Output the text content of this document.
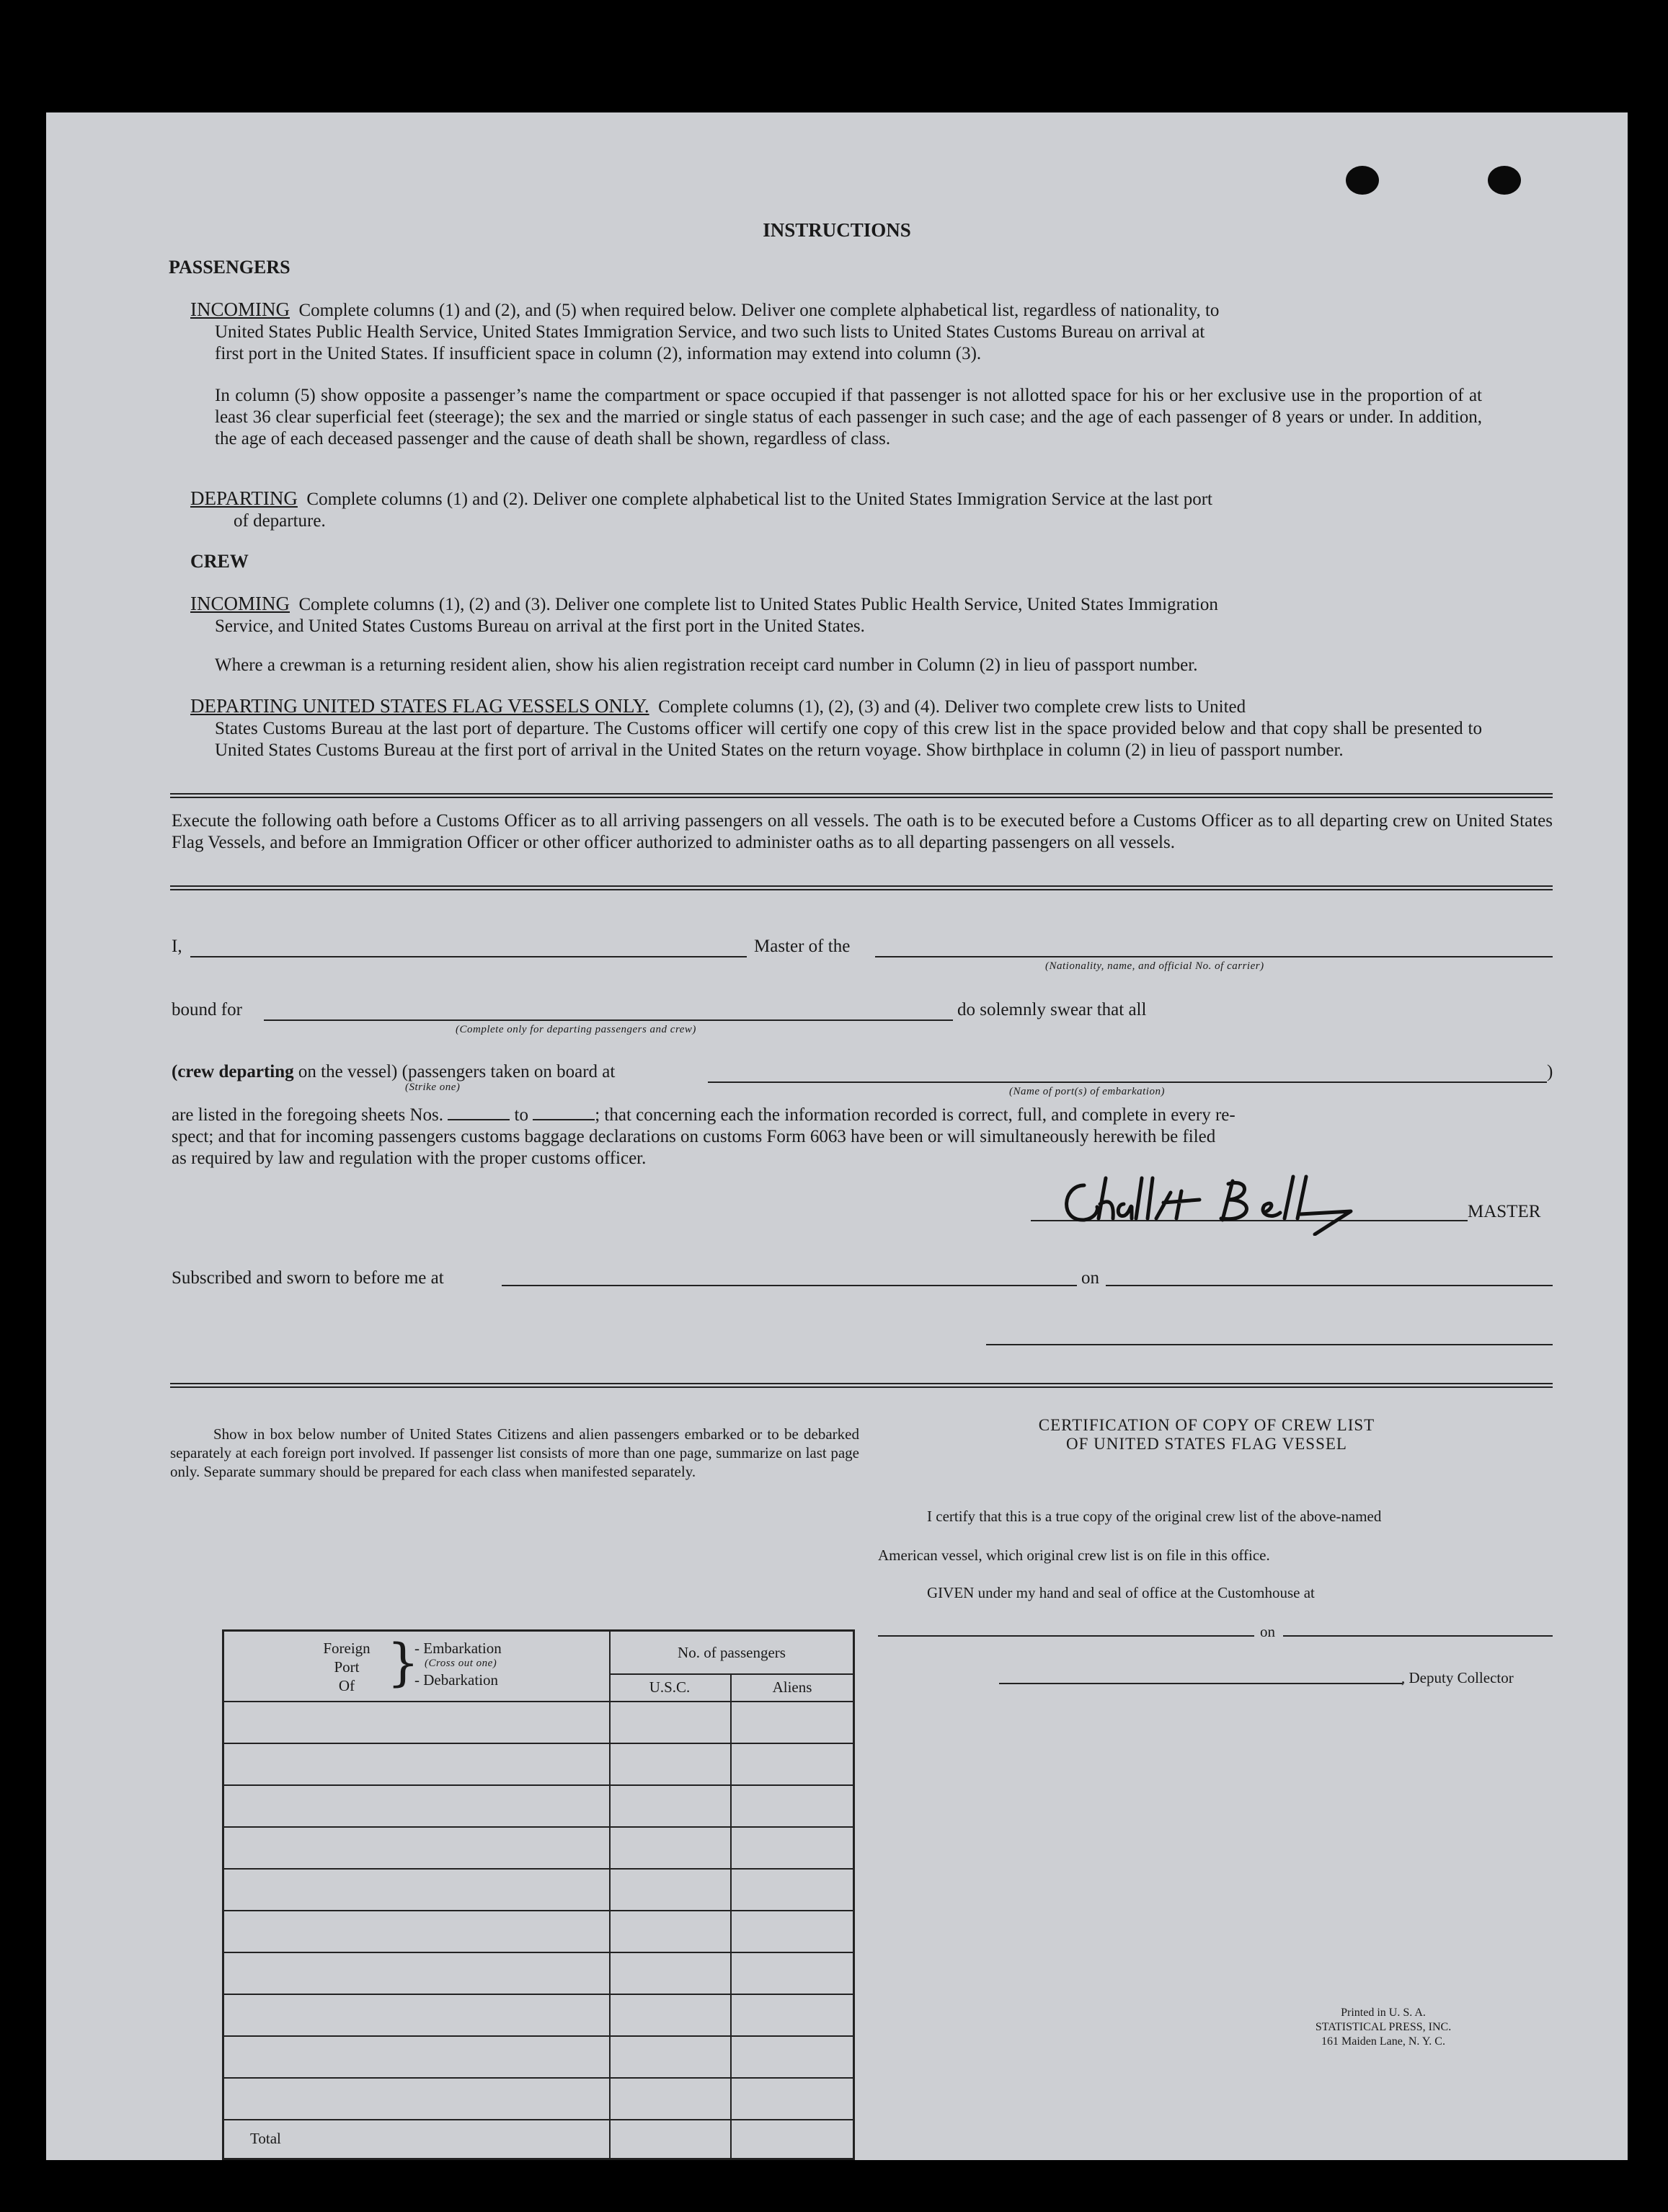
INSTRUCTIONS
PASSENGERS
INCOMING Complete columns (1) and (2), and (5) when required below. Deliver one complete alphabetical list, regardless of nationality, to
United States Public Health Service, United States Immigration Service, and two such lists to United States Customs Bureau on arrival at
first port in the United States. If insufficient space in column (2), information may extend into column (3).
In column (5) show opposite a passenger’s name the compartment or space occupied if that passenger is not allotted space for his or her exclusive use in the proportion of at least 36 clear superficial feet (steerage); the sex and the married or single status of each passenger in such case; and the age of each passenger of 8 years or under. In addition, the age of each deceased passenger and the cause of death shall be shown, regardless of class.
DEPARTING Complete columns (1) and (2). Deliver one complete alphabetical list to the United States Immigration Service at the last port
of departure.
CREW
INCOMING Complete columns (1), (2) and (3). Deliver one complete list to United States Public Health Service, United States Immigration
Service, and United States Customs Bureau on arrival at the first port in the United States.
Where a crewman is a returning resident alien, show his alien registration receipt card number in Column (2) in lieu of passport number.
DEPARTING UNITED STATES FLAG VESSELS ONLY. Complete columns (1), (2), (3) and (4). Deliver two complete crew lists to United
States Customs Bureau at the last port of departure. The Customs officer will certify one copy of this crew list in the space provided below and that copy shall be presented to United States Customs Bureau at the first port of arrival in the United States on the return voyage. Show birthplace in column (2) in lieu of passport number.
Execute the following oath before a Customs Officer as to all arriving passengers on all vessels. The oath is to be executed before a Customs Officer as to all departing crew on United States Flag Vessels, and before an Immigration Officer or other officer authorized to administer oaths as to all departing passengers on all vessels.
I,	Master of the
(Nationality, name, and official No. of carrier)
bound for
(Complete only for departing passengers and crew)
do solemnly swear that all
(crew departing on the vessel) (passengers taken on board at
(Strike one)
)
(Name of port(s) of embarkation)
are listed in the foregoing sheets Nos.	to	; that concerning each the information recorded is correct, full, and complete in every re-
spect; and that for incoming passengers customs baggage declarations on customs Form 6063 have been or will simultaneously herewith be filed
as required by law and regulation with the proper customs officer.
MASTER
Subscribed and sworn to before me at	on
Show in box below number of United States Citizens and alien passengers embarked or to be debarked separately at each foreign port involved. If passenger list consists of more than one page, summarize on last page only. Separate summary should be prepared for each class when manifested separately.
Foreign
Port
Of }
- Embarkation
(Cross out one)
- Debarkation
No. of passengers
U.S.C.	Aliens
Total
CERTIFICATION OF COPY OF CREW LIST
OF UNITED STATES FLAG VESSEL
I certify that this is a true copy of the original crew list of the above-named
American vessel, which original crew list is on file in this office.
GIVEN under my hand and seal of office at the Customhouse at
on
, Deputy Collector
Printed in U. S. A.
STATISTICAL PRESS, INC.
161 Maiden Lane, N. Y. C.
